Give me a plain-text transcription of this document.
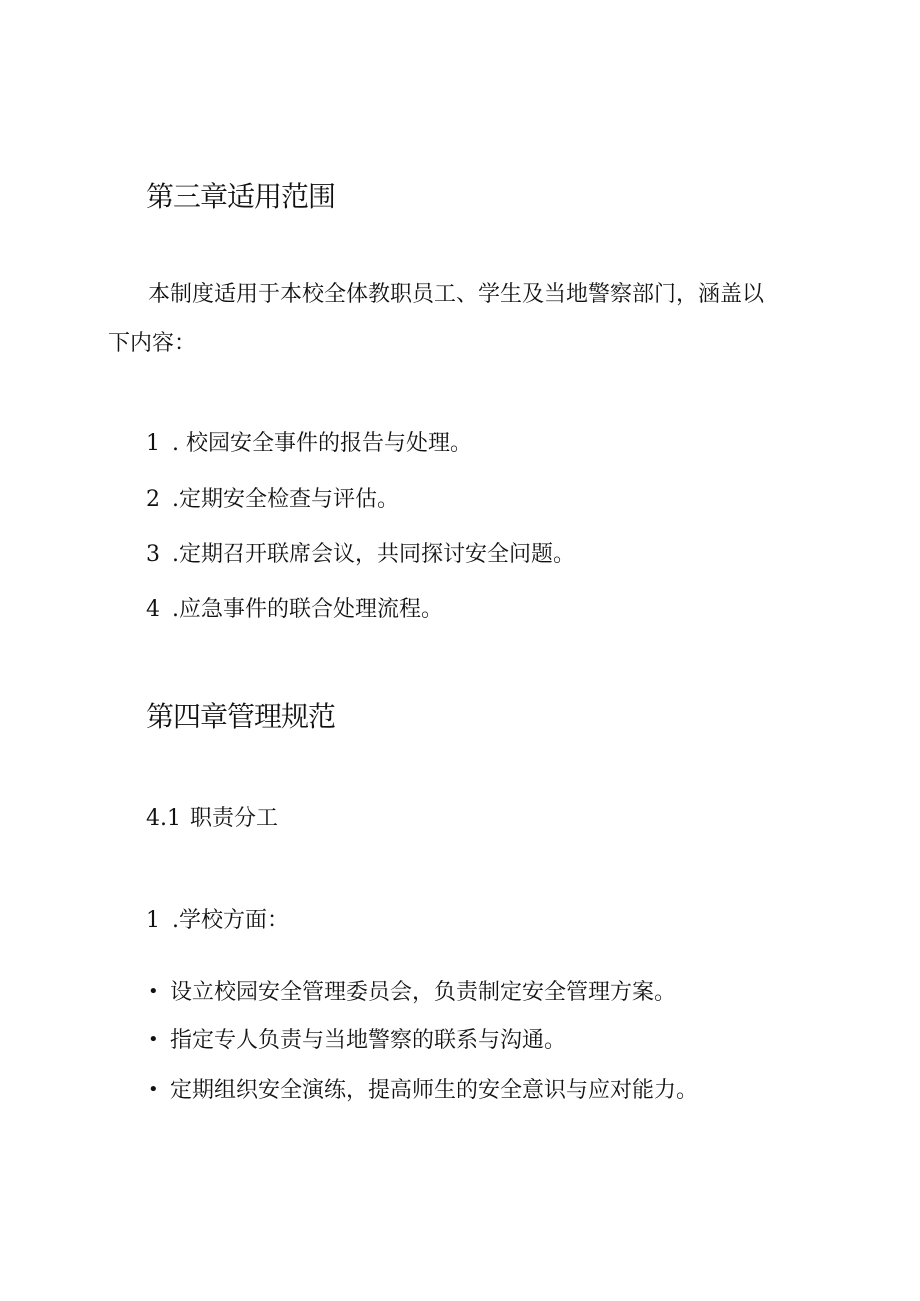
第三章适用范围
本制度适用于本校全体教职员工、学生及当地警察部门，涵盖以
下内容：
1 . 校园安全事件的报告与处理。
2 .定期安全检查与评估。
3 .定期召开联席会议，共同探讨安全问题。
4 .应急事件的联合处理流程。
第四章管理规范
4.1 职责分工
1 .学校方面：
• 设立校园安全管理委员会，负责制定安全管理方案。
• 指定专人负责与当地警察的联系与沟通。
• 定期组织安全演练，提高师生的安全意识与应对能力。
